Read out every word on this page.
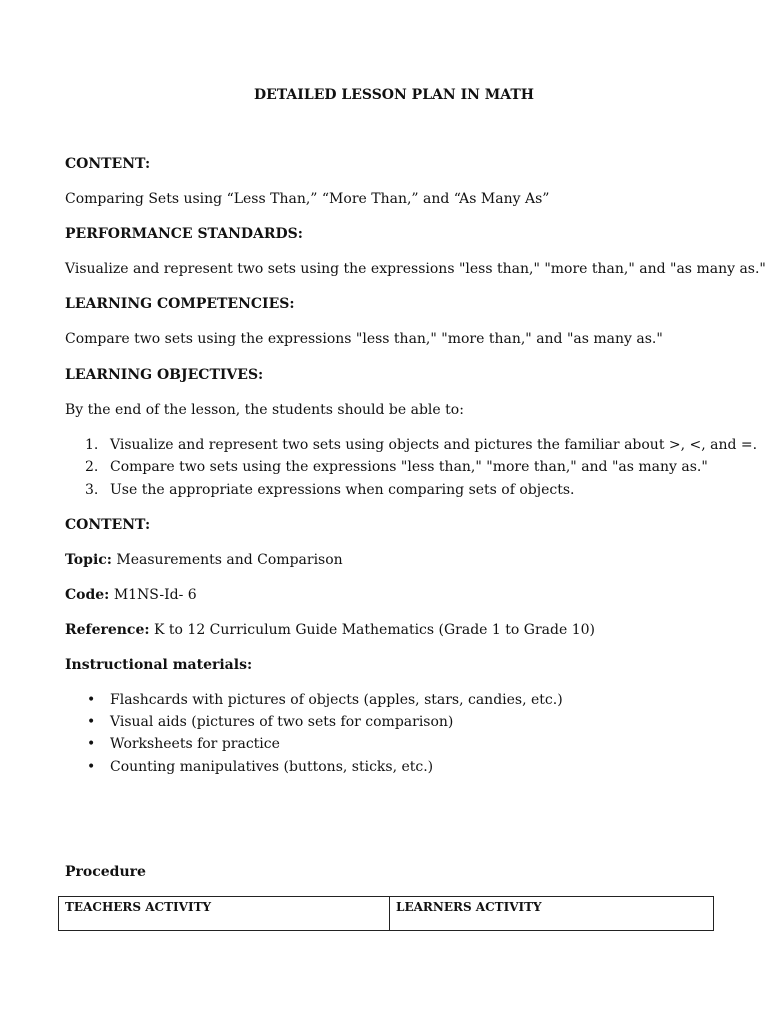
DETAILED LESSON PLAN IN MATH
CONTENT:
Comparing Sets using “Less Than,” “More Than,” and “As Many As”
PERFORMANCE STANDARDS:
Visualize and represent two sets using the expressions "less than," "more than," and "as many as."
LEARNING COMPETENCIES:
Compare two sets using the expressions "less than," "more than," and "as many as."
LEARNING OBJECTIVES:
By the end of the lesson, the students should be able to:
1. Visualize and represent two sets using objects and pictures the familiar about >, <, and =.
2. Compare two sets using the expressions "less than," "more than," and "as many as."
3. Use the appropriate expressions when comparing sets of objects.
CONTENT:
Topic: Measurements and Comparison
Code: M1NS-Id- 6
Reference: K to 12 Curriculum Guide Mathematics (Grade 1 to Grade 10)
Instructional materials:
• Flashcards with pictures of objects (apples, stars, candies, etc.)
• Visual aids (pictures of two sets for comparison)
• Worksheets for practice
• Counting manipulatives (buttons, sticks, etc.)
Procedure
TEACHERS ACTIVITY	LEARNERS ACTIVITY
